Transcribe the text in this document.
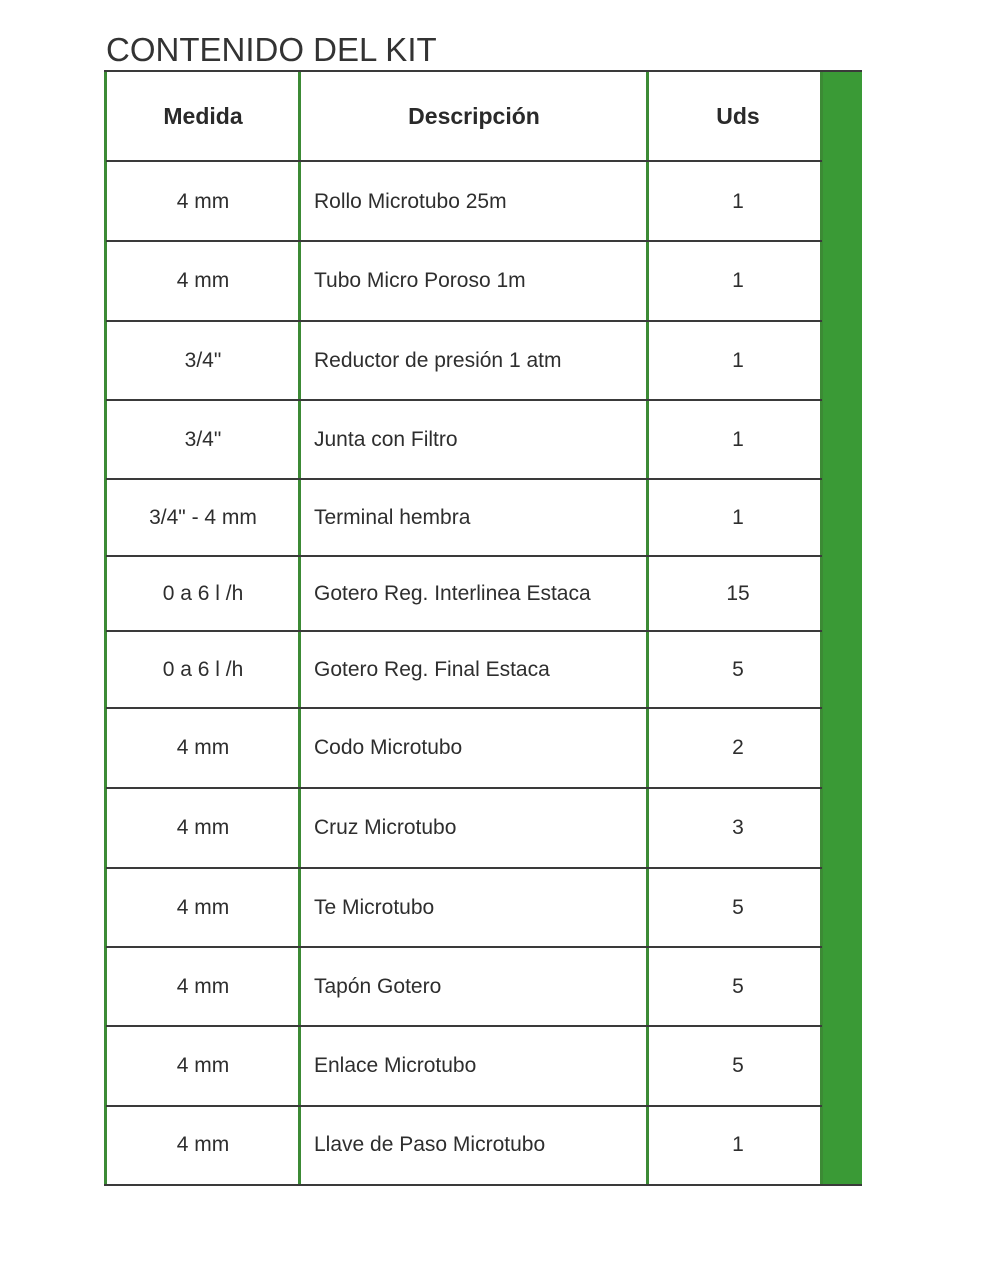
CONTENIDO DEL KIT
Medida	Descripción	Uds
4 mm	Rollo Microtubo 25m	1
4 mm	Tubo Micro Poroso 1m	1
3/4"	Reductor de presión 1 atm	1
3/4"	Junta con Filtro	1
3/4" - 4 mm	Terminal hembra	1
0 a 6 l /h	Gotero Reg. Interlinea Estaca	15
0 a 6 l /h	Gotero Reg. Final Estaca	5
4 mm	Codo Microtubo	2
4 mm	Cruz Microtubo	3
4 mm	Te Microtubo	5
4 mm	Tapón Gotero	5
4 mm	Enlace Microtubo	5
4 mm	Llave de Paso Microtubo	1
